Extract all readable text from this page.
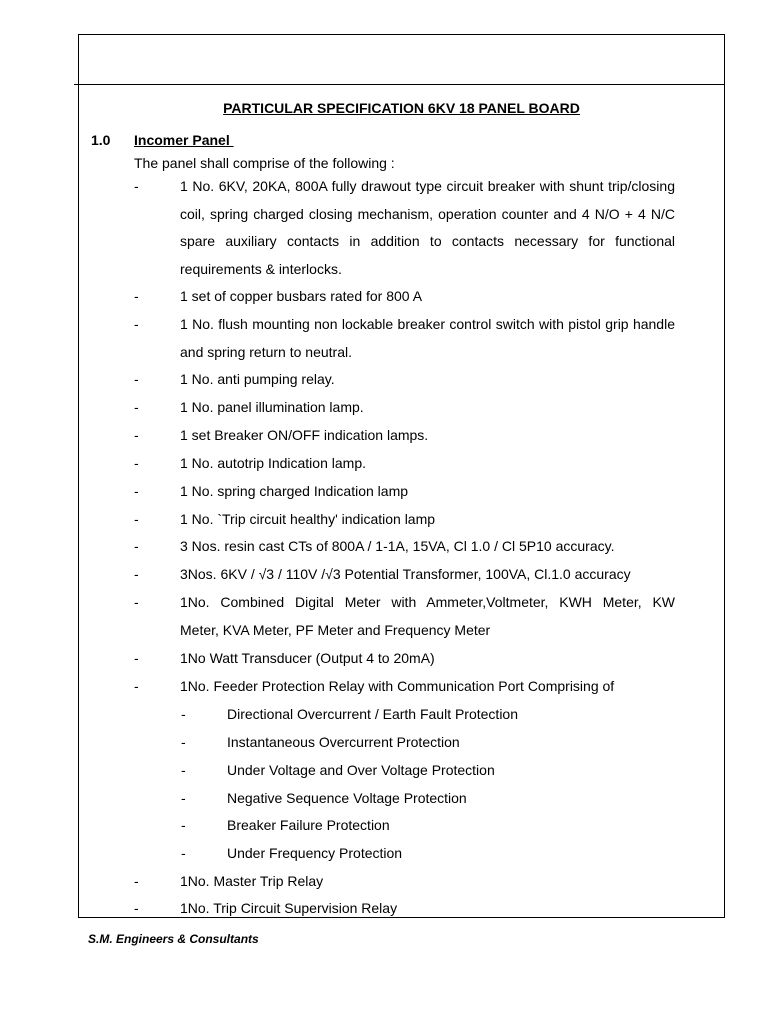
PARTICULAR SPECIFICATION 6KV 18 PANEL BOARD
1.0 Incomer Panel
The panel shall comprise of the following :
-	1 No. 6KV, 20KA, 800A fully drawout type circuit breaker with shunt trip/closing
coil, spring charged closing mechanism, operation counter and 4 N/O + 4 N/C
spare auxiliary contacts in addition to contacts necessary for functional
requirements & interlocks.
-	1 set of copper busbars rated for 800 A
-	1 No. flush mounting non lockable breaker control switch with pistol grip handle
and spring return to neutral.
-	1 No. anti pumping relay.
-	1 No. panel illumination lamp.
-	1 set Breaker ON/OFF indication lamps.
-	1 No. autotrip Indication lamp.
-	1 No. spring charged Indication lamp
-	1 No. `Trip circuit healthy' indication lamp
-	3 Nos. resin cast CTs of 800A / 1-1A, 15VA, Cl 1.0 / Cl 5P10 accuracy.
-	3Nos. 6KV / √3 / 110V /√3 Potential Transformer, 100VA, Cl.1.0 accuracy
-	1No. Combined Digital Meter with Ammeter,Voltmeter, KWH Meter, KW
Meter, KVA Meter, PF Meter and Frequency Meter
-	1No Watt Transducer (Output 4 to 20mA)
-	1No. Feeder Protection Relay with Communication Port Comprising of
-	Directional Overcurrent / Earth Fault Protection
-	Instantaneous Overcurrent Protection
-	Under Voltage and Over Voltage Protection
-	Negative Sequence Voltage Protection
-	Breaker Failure Protection
-	Under Frequency Protection
-	1No. Master Trip Relay
-	1No. Trip Circuit Supervision Relay
S.M. Engineers & Consultants
